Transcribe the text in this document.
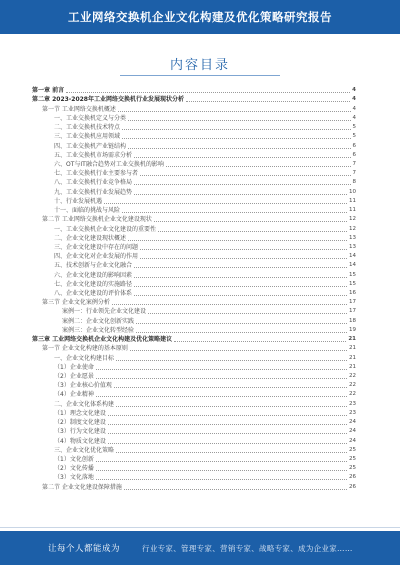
工业网络交换机企业文化构建及优化策略研究报告
内容目录
第一章 前言	4
第二章 2023-2028年工业网络交换机行业发展现状分析	4
第一节 工业网络交换机概述	4
一、工业交换机定义与分类	4
二、工业交换机技术特点	5
三、工业交换机应用领域	5
四、工业交换机产业链结构	6
五、工业交换机市场需求分析	6
六、OT与IT融合趋势对工业交换机的影响	7
七、工业交换机行业主要参与者	7
八、工业交换机行业竞争格局	8
九、工业交换机行业发展趋势	10
十、行业发展机遇	11
十一、面临的挑战与风险	11
第二节 工业网络交换机企业文化建设现状	12
一、工业交换机企业文化建设的重要性	12
二、企业文化建设现状概述	13
三、企业文化建设中存在的问题	13
四、企业文化对企业发展的作用	14
五、技术创新与企业文化融合	14
六、企业文化建设的影响因素	15
七、企业文化建设的实施路径	15
八、企业文化建设的评价体系	16
第三节 企业文化案例分析	17
案例一：行业领先企业文化建设	17
案例二：企业文化创新实践	18
案例三：企业文化转型经验	19
第三章 工业网络交换机企业文化构建及优化策略建议	21
第一节 企业文化构建的基本原则	21
一、企业文化构建目标	21
（1）企业使命	21
（2）企业愿景	22
（3）企业核心价值观	22
（4）企业精神	22
二、企业文化体系构建	23
（1）理念文化建设	23
（2）制度文化建设	24
（3）行为文化建设	24
（4）物质文化建设	24
三、企业文化优化策略	25
（1）文化创新	25
（2）文化传播	25
（3）文化落地	26
第二节 企业文化建设保障措施	26
让每个人都能成为	行业专家、管理专家、营销专家、战略专家、成为企业家……
